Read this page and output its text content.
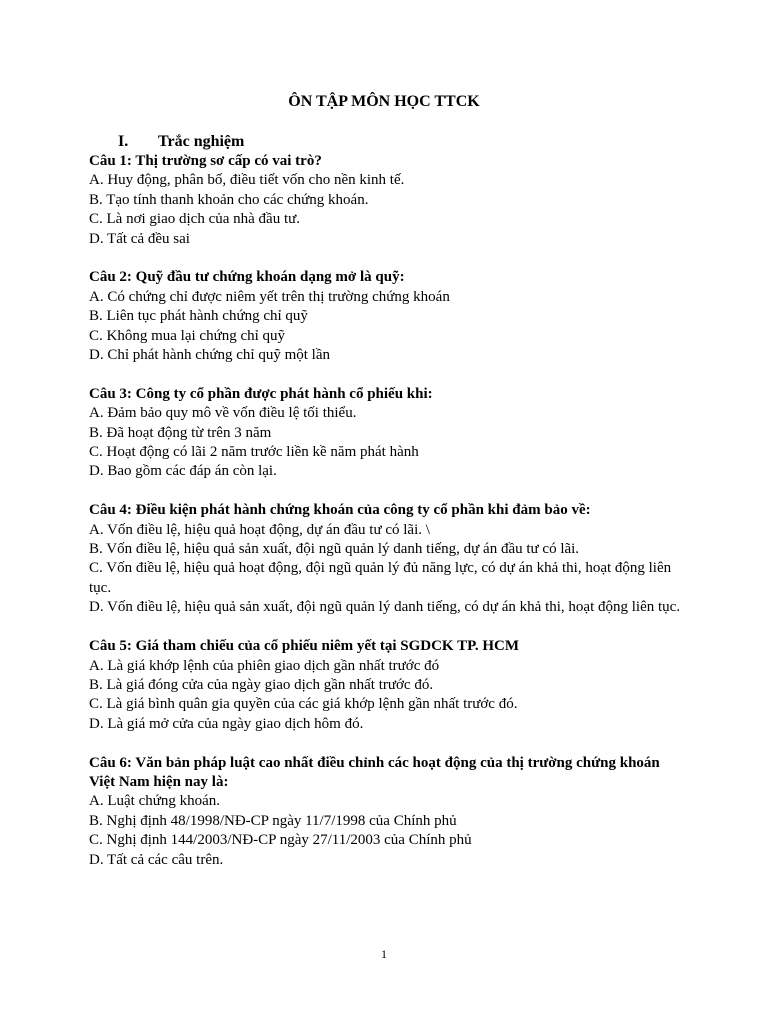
ÔN TẬP MÔN HỌC TTCK
I. Trắc nghiệm

Câu 1: Thị trường sơ cấp có vai trò?

A. Huy động, phân bố, điều tiết vốn cho nền kinh tế.

B. Tạo tính thanh khoản cho các chứng khoán.

C. Là nơi giao dịch của nhà đầu tư.

D. Tất cả đều sai

Câu 2: Quỹ đầu tư chứng khoán dạng mở là quỹ:

A. Có chứng chỉ được niêm yết trên thị trường chứng khoán

B. Liên tục phát hành chứng chỉ quỹ

C. Không mua lại chứng chỉ quỹ

D. Chỉ phát hành chứng chỉ quỹ một lần

Câu 3: Công ty cổ phần được phát hành cổ phiếu khi:

A. Đảm bảo quy mô về vốn điều lệ tối thiểu.

B. Đã hoạt động từ trên 3 năm

C. Hoạt động có lãi 2 năm trước liền kề năm phát hành

D. Bao gồm các đáp án còn lại.

Câu 4: Điều kiện phát hành chứng khoán của công ty cổ phần khi đảm bảo về:

A. Vốn điều lệ, hiệu quả hoạt động, dự án đầu tư có lãi. \

B. Vốn điều lệ, hiệu quả sản xuất, đội ngũ quản lý danh tiếng, dự án đầu tư có lãi.

C. Vốn điều lệ, hiệu quả hoạt động, đội ngũ quản lý đủ năng lực, có dự án khả thi, hoạt động liên tục.

D. Vốn điều lệ, hiệu quả sản xuất, đội ngũ quản lý danh tiếng, có dự án khả thi, hoạt động liên tục.

Câu 5: Giá tham chiếu của cổ phiếu niêm yết tại SGDCK TP. HCM

A. Là giá khớp lệnh của phiên giao dịch gần nhất trước đó

B. Là giá đóng cửa của ngày giao dịch gần nhất trước đó.

C. Là giá bình quân gia quyền của các giá khớp lệnh gần nhất trước đó.

D. Là giá mở cửa của ngày giao dịch hôm đó.

Câu 6: Văn bản pháp luật cao nhất điều chỉnh các hoạt động của thị trường chứng khoán Việt Nam hiện nay là:

A. Luật chứng khoán.

B. Nghị định 48/1998/NĐ-CP ngày 11/7/1998 của Chính phủ

C. Nghị định 144/2003/NĐ-CP ngày 27/11/2003 của Chính phủ

D. Tất cả các câu trên.

1
